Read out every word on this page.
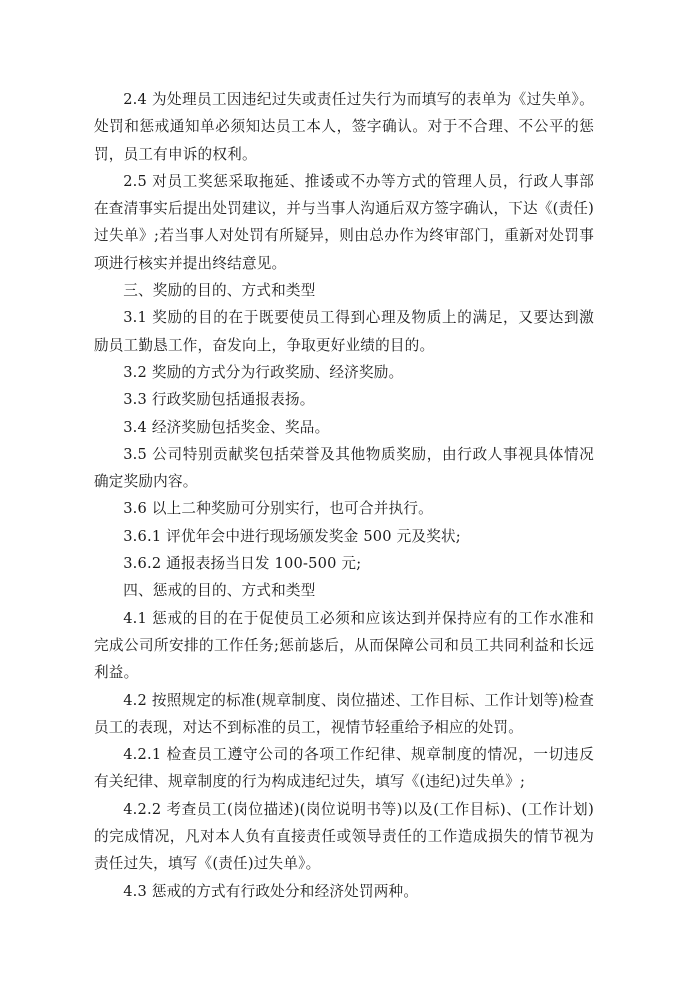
2.4 为处理员工因违纪过失或责任过失行为而填写的表单为《过失单》。处罚和惩戒通知单必须知达员工本人，签字确认。对于不合理、不公平的惩罚，员工有申诉的权利。

2.5 对员工奖惩采取拖延、推诿或不办等方式的管理人员，行政人事部在查清事实后提出处罚建议，并与当事人沟通后双方签字确认，下达《(责任)过失单》;若当事人对处罚有所疑异，则由总办作为终审部门，重新对处罚事项进行核实并提出终结意见。

三、奖励的目的、方式和类型

3.1 奖励的目的在于既要使员工得到心理及物质上的满足，又要达到激励员工勤恳工作，奋发向上，争取更好业绩的目的。

3.2 奖励的方式分为行政奖励、经济奖励。

3.3 行政奖励包括通报表扬。

3.4 经济奖励包括奖金、奖品。

3.5 公司特别贡献奖包括荣誉及其他物质奖励，由行政人事视具体情况确定奖励内容。

3.6 以上二种奖励可分别实行，也可合并执行。

3.6.1 评优年会中进行现场颁发奖金 500 元及奖状;

3.6.2 通报表扬当日发 100-500 元;

四、惩戒的目的、方式和类型

4.1 惩戒的目的在于促使员工必须和应该达到并保持应有的工作水准和完成公司所安排的工作任务;惩前毖后，从而保障公司和员工共同利益和长远利益。

4.2 按照规定的标准(规章制度、岗位描述、工作目标、工作计划等)检查员工的表现，对达不到标准的员工，视情节轻重给予相应的处罚。

4.2.1 检查员工遵守公司的各项工作纪律、规章制度的情况，一切违反有关纪律、规章制度的行为构成违纪过失，填写《(违纪)过失单》;

4.2.2 考查员工(岗位描述)(岗位说明书等)以及(工作目标)、(工作计划)的完成情况，凡对本人负有直接责任或领导责任的工作造成损失的情节视为责任过失，填写《(责任)过失单》。

4.3 惩戒的方式有行政处分和经济处罚两种。
